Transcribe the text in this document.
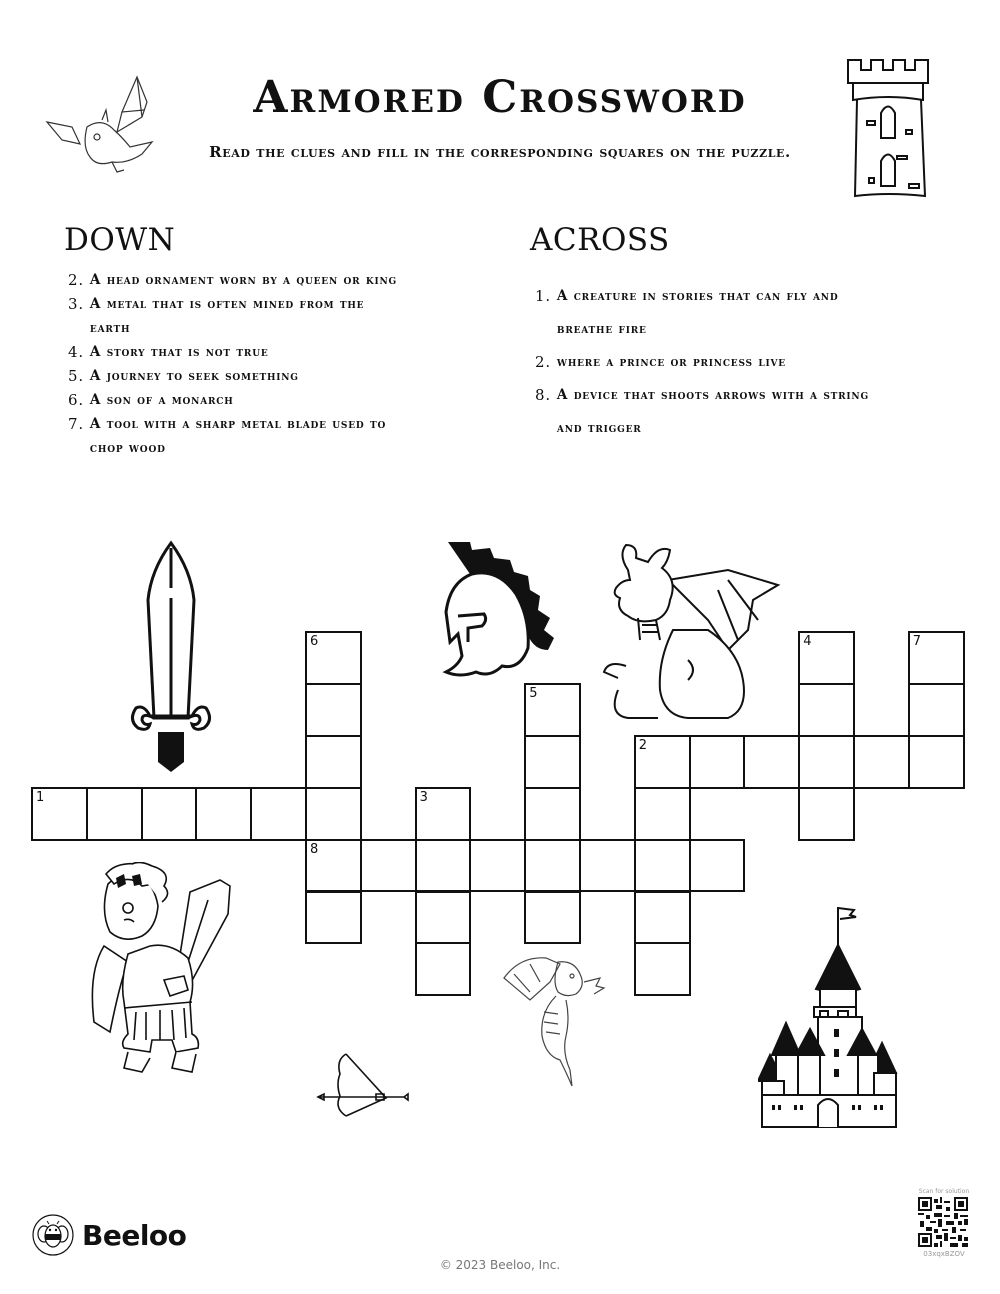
Armored Crossword
Read the clues and fill in the corresponding squares on the puzzle.
DOWN
2. A head ornament worn by a queen or king
3. A metal that is often mined from the earth
4. A story that is not true
5. A journey to seek something
6. A son of a monarch
7. A tool with a sharp metal blade used to chop wood
ACROSS
1. A creature in stories that can fly and breathe fire
2. where a prince or princess live
8. A device that shoots arrows with a string and trigger
1
2
8
3
4
5
6	7
Beeloo
© 2023 Beeloo, Inc.
Scan for solution
03xqxBZOV
